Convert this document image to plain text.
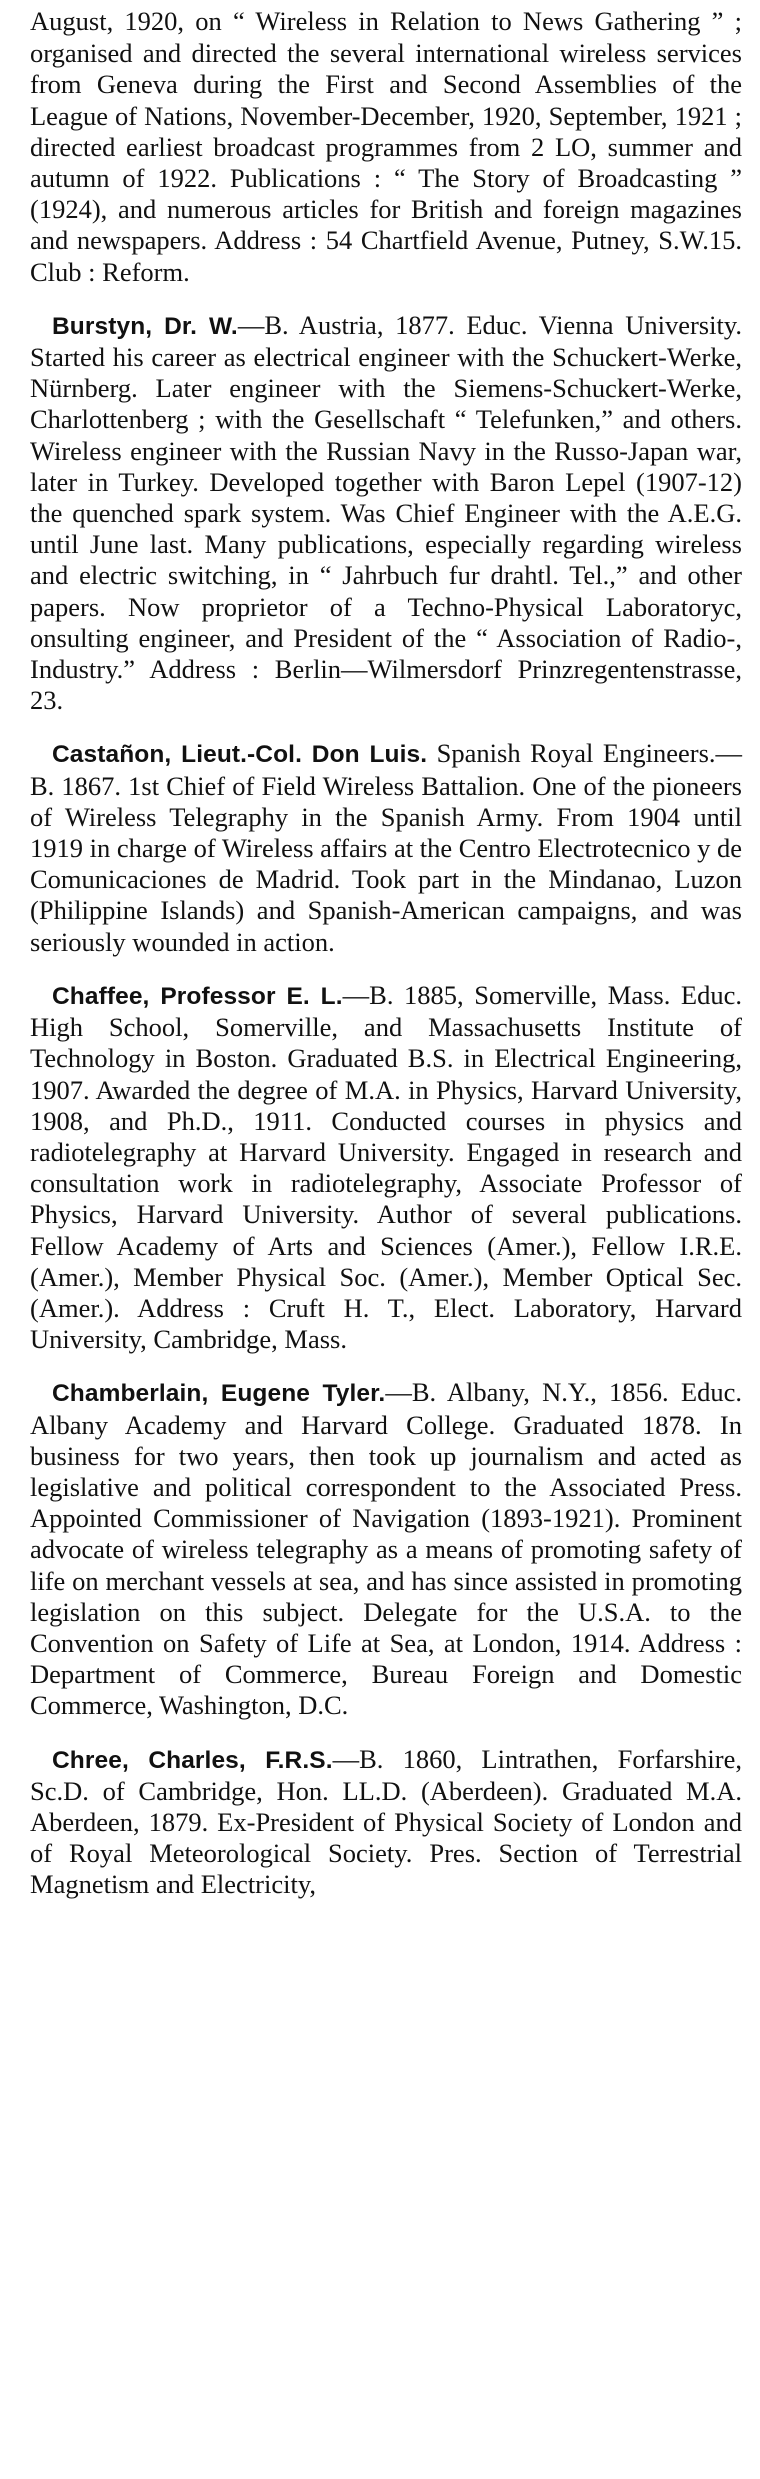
August, 1920, on “ Wireless in Relation to News Gathering ” ; organised and directed the several international wireless services from Geneva during the First and Second Assemblies of the League of Nations, November-December, 1920, September, 1921 ; directed earliest broadcast programmes from 2 LO, summer and autumn of 1922. Publications : “ The Story of Broadcasting ” (1924), and numerous articles for British and foreign magazines and newspapers. Address : 54 Chartfield Avenue, Putney, S.W.15. Club : Reform.

Burstyn, Dr. W.—B. Austria, 1877. Educ. Vienna University. Started his career as electrical engineer with the Schuckert-Werke, Nürnberg. Later engineer with the Siemens-Schuckert-Werke, Charlottenberg ; with the Gesellschaft “ Telefunken,” and others. Wireless engineer with the Russian Navy in the Russo-Japan war, later in Turkey. Developed together with Baron Lepel (1907-12) the quenched spark system. Was Chief Engineer with the A.E.G. until June last. Many publications, especially regarding wireless and electric switching, in “ Jahrbuch fur drahtl. Tel.,” and other papers. Now proprietor of a Techno-Physical Laboratoryc, onsulting engineer, and President of the “ Association of Radio-, Industry.” Address : Berlin—Wilmersdorf Prinzregentenstrasse, 23.

Castañon, Lieut.-Col. Don Luis. Spanish Royal Engineers.—B. 1867. 1st Chief of Field Wireless Battalion. One of the pioneers of Wireless Telegraphy in the Spanish Army. From 1904 until 1919 in charge of Wireless affairs at the Centro Electrotecnico y de Comunicaciones de Madrid. Took part in the Mindanao, Luzon (Philippine Islands) and Spanish-American campaigns, and was seriously wounded in action.

Chaffee, Professor E. L.—B. 1885, Somerville, Mass. Educ. High School, Somerville, and Massachusetts Institute of Technology in Boston. Graduated B.S. in Electrical Engineering, 1907. Awarded the degree of M.A. in Physics, Harvard University, 1908, and Ph.D., 1911. Conducted courses in physics and radiotelegraphy at Harvard University. Engaged in research and consultation work in radiotelegraphy, Associate Professor of Physics, Harvard University. Author of several publications. Fellow Academy of Arts and Sciences (Amer.), Fellow I.R.E. (Amer.), Member Physical Soc. (Amer.), Member Optical Sec. (Amer.). Address : Cruft H. T., Elect. Laboratory, Harvard University, Cambridge, Mass.

Chamberlain, Eugene Tyler.—B. Albany, N.Y., 1856. Educ. Albany Academy and Harvard College. Graduated 1878. In business for two years, then took up journalism and acted as legislative and political correspondent to the Associated Press. Appointed Commissioner of Navigation (1893-1921). Prominent advocate of wireless telegraphy as a means of promoting safety of life on merchant vessels at sea, and has since assisted in promoting legislation on this subject. Delegate for the U.S.A. to the Convention on Safety of Life at Sea, at London, 1914. Address : Department of Commerce, Bureau Foreign and Domestic Commerce, Washington, D.C.

Chree, Charles, F.R.S.—B. 1860, Lintrathen, Forfarshire, Sc.D. of Cambridge, Hon. LL.D. (Aberdeen). Graduated M.A. Aberdeen, 1879. Ex-President of Physical Society of London and of Royal Meteorological Society. Pres. Section of Terrestrial Magnetism and Electricity,
